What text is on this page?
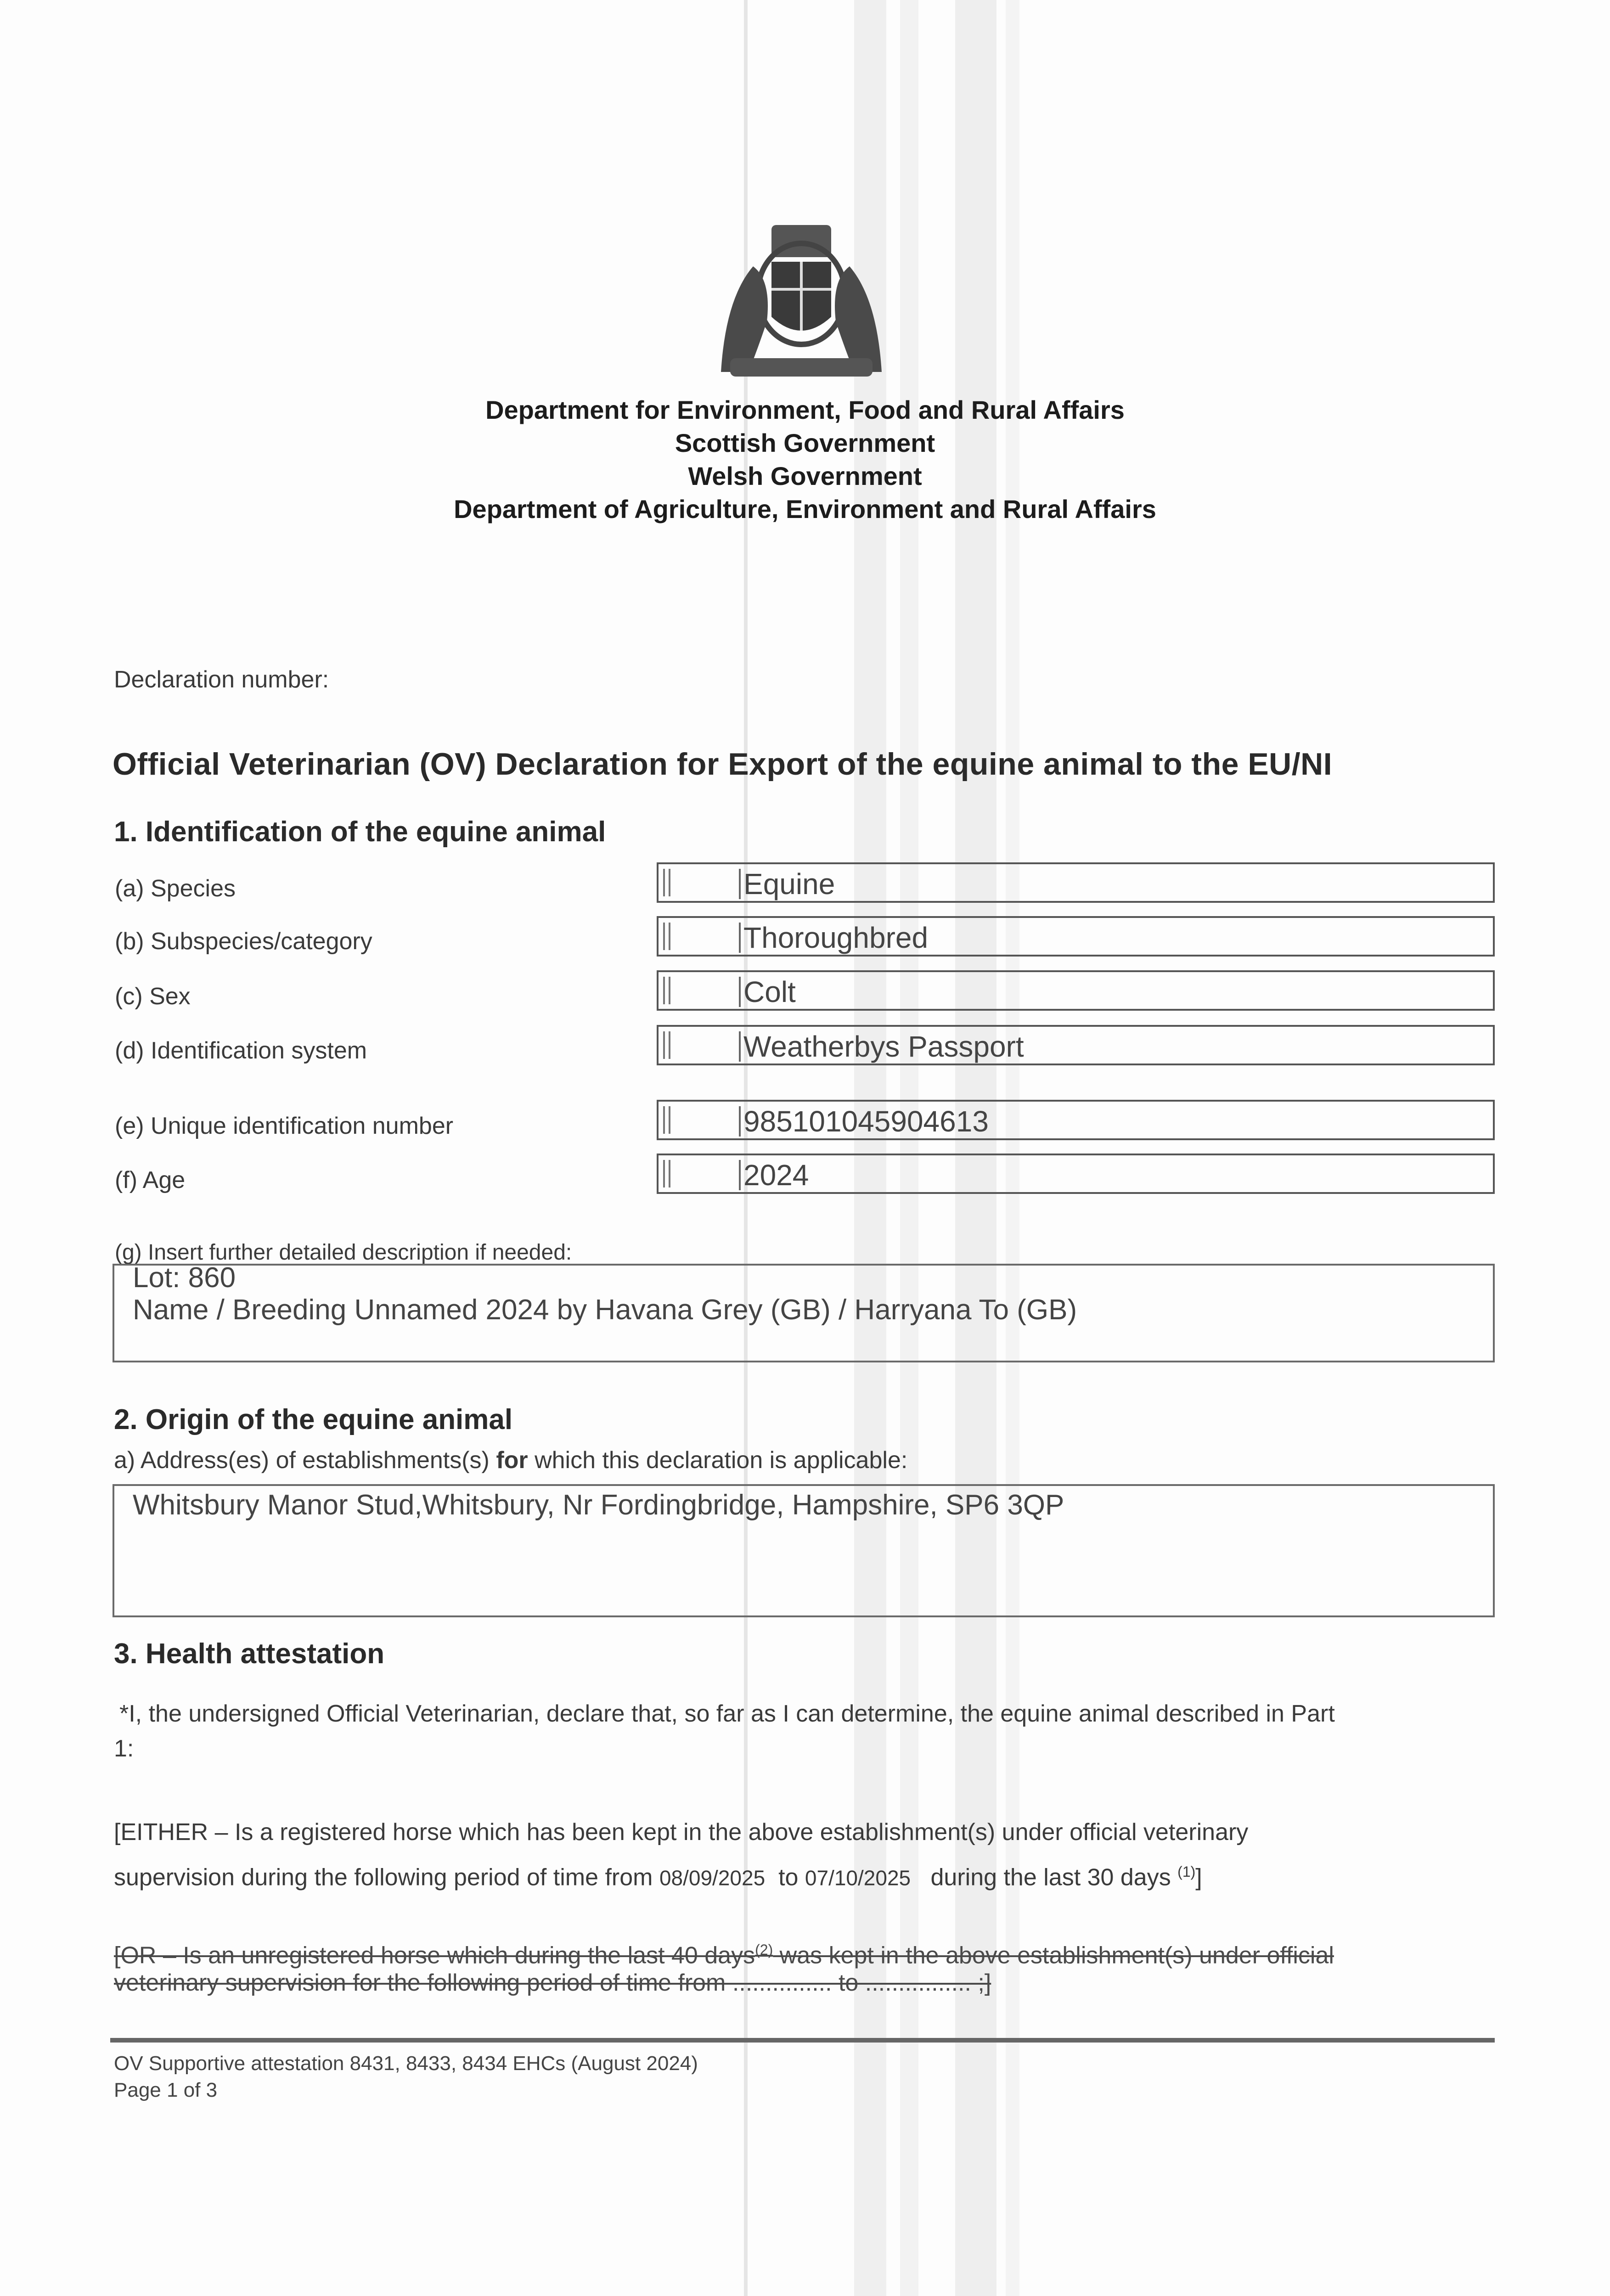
Department for Environment, Food and Rural Affairs
Scottish Government
Welsh Government
Department of Agriculture, Environment and Rural Affairs
Declaration number:
Official Veterinarian (OV) Declaration for Export of the equine animal to the EU/NI
1. Identification of the equine animal
(a) Species	Equine
(b) Subspecies/category	Thoroughbred
(c) Sex	Colt
(d) Identification system	Weatherbys Passport
(e) Unique identification number	985101045904613
(f) Age	2024
(g) Insert further detailed description if needed:
Lot: 860
Name / Breeding Unnamed 2024 by Havana Grey (GB) / Harryana To (GB)
2. Origin of the equine animal
a) Address(es) of establishments(s) for which this declaration is applicable:
Whitsbury Manor Stud,Whitsbury, Nr Fordingbridge, Hampshire, SP6 3QP
3. Health attestation
*I, the undersigned Official Veterinarian, declare that, so far as I can determine, the equine animal described in Part
1:
[EITHER – Is a registered horse which has been kept in the above establishment(s) under official veterinary
supervision during the following period of time from 08/09/2025 to 07/10/2025 during the last 30 days $^{(1)}$]
[OR – Is an unregistered horse which during the last 40 days$^{(2)}$ was kept in the above establishment(s) under official
veterinary supervision for the following period of time from ............... to ................ ;]
OV Supportive attestation 8431, 8433, 8434 EHCs (August 2024)
Page 1 of 3
